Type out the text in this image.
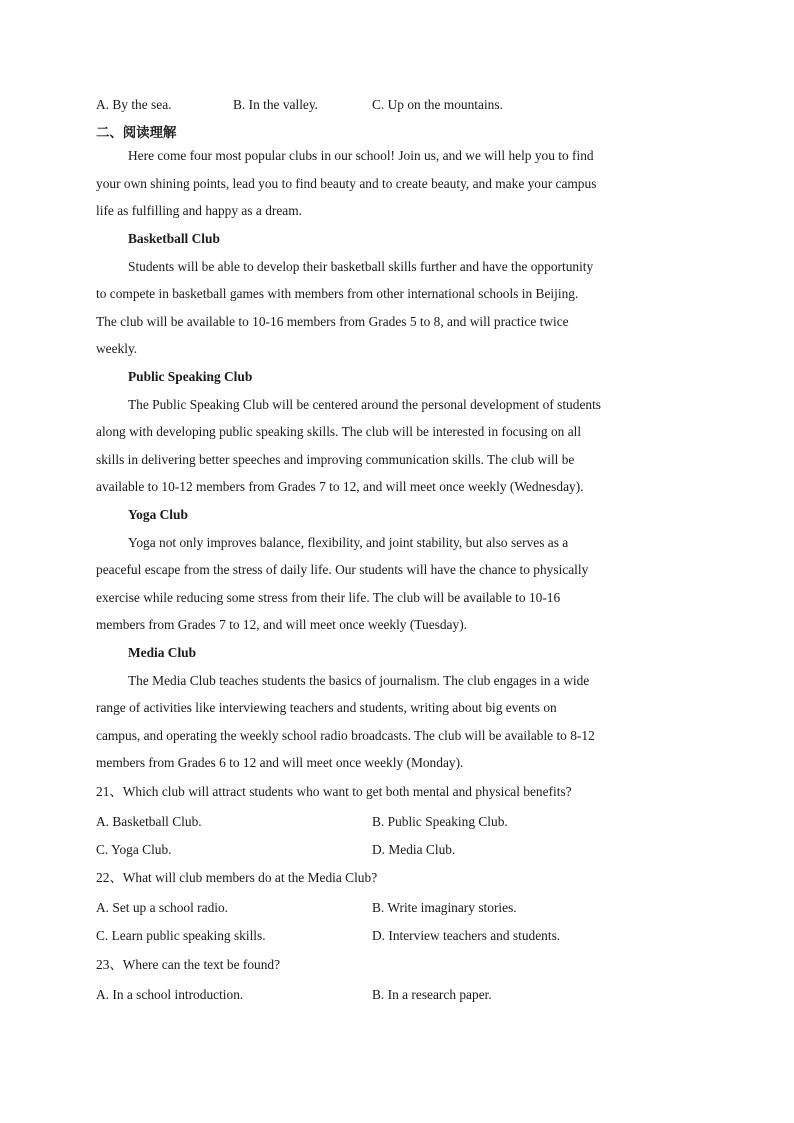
A. By the sea.	B. In the valley.	C. Up on the mountains.
二、阅读理解
Here come four most popular clubs in our school! Join us, and we will help you to find
your own shining points, lead you to find beauty and to create beauty, and make your campus
life as fulfilling and happy as a dream.
Basketball Club
Students will be able to develop their basketball skills further and have the opportunity
to compete in basketball games with members from other international schools in Beijing.
The club will be available to 10-16 members from Grades 5 to 8, and will practice twice
weekly.
Public Speaking Club
The Public Speaking Club will be centered around the personal development of students
along with developing public speaking skills. The club will be interested in focusing on all
skills in delivering better speeches and improving communication skills. The club will be
available to 10-12 members from Grades 7 to 12, and will meet once weekly (Wednesday).
Yoga Club
Yoga not only improves balance, flexibility, and joint stability, but also serves as a
peaceful escape from the stress of daily life. Our students will have the chance to physically
exercise while reducing some stress from their life. The club will be available to 10-16
members from Grades 7 to 12, and will meet once weekly (Tuesday).
Media Club
The Media Club teaches students the basics of journalism. The club engages in a wide
range of activities like interviewing teachers and students, writing about big events on
campus, and operating the weekly school radio broadcasts. The club will be available to 8-12
members from Grades 6 to 12 and will meet once weekly (Monday).
21、Which club will attract students who want to get both mental and physical benefits?
A. Basketball Club.	B. Public Speaking Club.
C. Yoga Club.	D. Media Club.
22、What will club members do at the Media Club?
A. Set up a school radio.	B. Write imaginary stories.
C. Learn public speaking skills.	D. Interview teachers and students.
23、Where can the text be found?
A. In a school introduction.	B. In a research paper.
